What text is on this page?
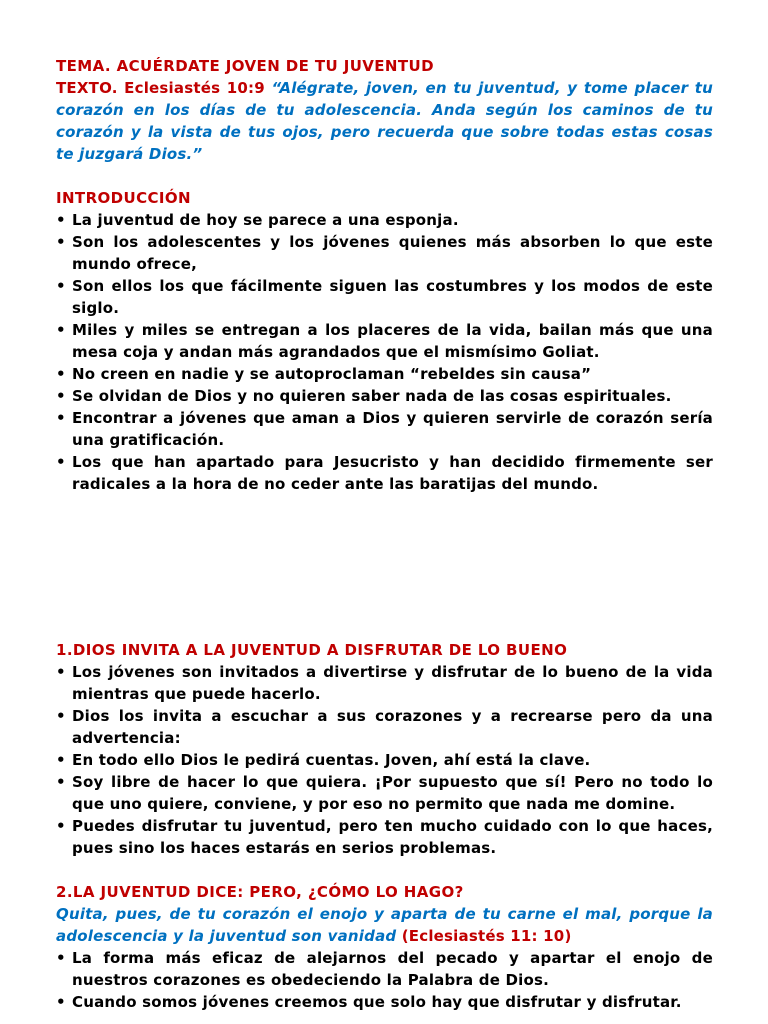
TEMA. ACUÉRDATE JOVEN DE TU JUVENTUD

TEXTO. Eclesiastés 10:9 “Alégrate, joven, en tu juventud, y tome placer tu corazón en los días de tu adolescencia. Anda según los caminos de tu corazón y la vista de tus ojos, pero recuerda que sobre todas estas cosas te juzgará Dios.”

INTRODUCCIÓN

• La juventud de hoy se parece a una esponja.
• Son los adolescentes y los jóvenes quienes más absorben lo que este mundo ofrece,
• Son ellos los que fácilmente siguen las costumbres y los modos de este siglo.
• Miles y miles se entregan a los placeres de la vida, bailan más que una mesa coja y andan más agrandados que el mismísimo Goliat.
• No creen en nadie y se autoproclaman “rebeldes sin causa”
• Se olvidan de Dios y no quieren saber nada de las cosas espirituales.
• Encontrar a jóvenes que aman a Dios y quieren servirle de corazón sería una gratificación.
• Los que han apartado para Jesucristo y han decidido firmemente ser radicales a la hora de no ceder ante las baratijas del mundo.

1.DIOS INVITA A LA JUVENTUD A DISFRUTAR DE LO BUENO

• Los jóvenes son invitados a divertirse y disfrutar de lo bueno de la vida mientras que puede hacerlo.
• Dios los invita a escuchar a sus corazones y a recrearse pero da una advertencia:
• En todo ello Dios le pedirá cuentas. Joven, ahí está la clave.
• Soy libre de hacer lo que quiera. ¡Por supuesto que sí! Pero no todo lo que uno quiere, conviene, y por eso no permito que nada me domine.
• Puedes disfrutar tu juventud, pero ten mucho cuidado con lo que haces, pues sino los haces estarás en serios problemas.

2.LA JUVENTUD DICE: PERO, ¿CÓMO LO HAGO?

Quita, pues, de tu corazón el enojo y aparta de tu carne el mal, porque la adolescencia y la juventud son vanidad (Eclesiastés 11: 10)

• La forma más eficaz de alejarnos del pecado y apartar el enojo de nuestros corazones es obedeciendo la Palabra de Dios.
• Cuando somos jóvenes creemos que solo hay que disfrutar y disfrutar.
